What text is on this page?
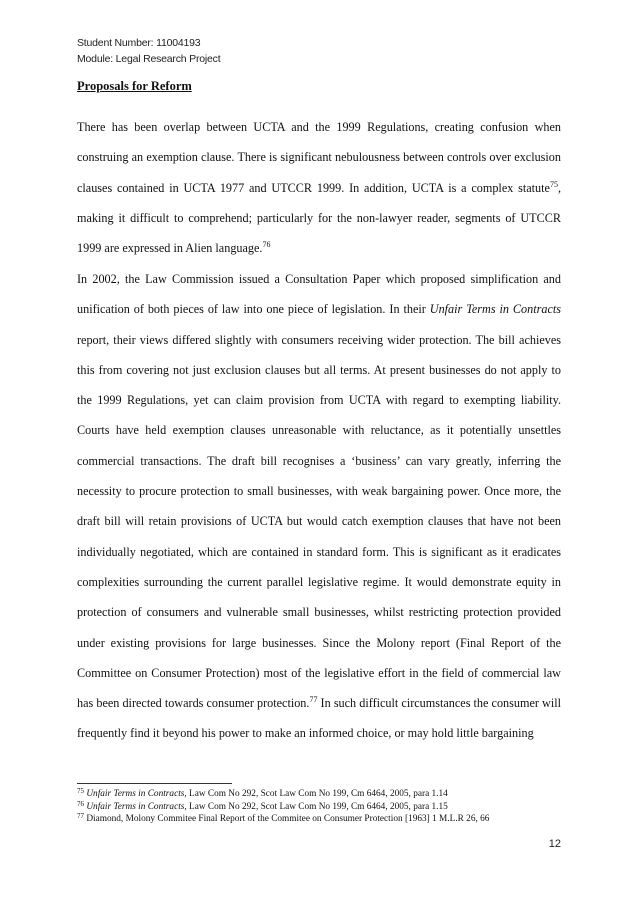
Student Number: 11004193
Module: Legal Research Project
Proposals for Reform

There has been overlap between UCTA and the 1999 Regulations, creating confusion when construing an exemption clause. There is significant nebulousness between controls over exclusion clauses contained in UCTA 1977 and UTCCR 1999. In addition, UCTA is a complex statute$^{75}$, making it difficult to comprehend; particularly for the non-lawyer reader, segments of UTCCR 1999 are expressed in Alien language.$^{76}$

In 2002, the Law Commission issued a Consultation Paper which proposed simplification and unification of both pieces of law into one piece of legislation. In their Unfair Terms in Contracts report, their views differed slightly with consumers receiving wider protection. The bill achieves this from covering not just exclusion clauses but all terms. At present businesses do not apply to the 1999 Regulations, yet can claim provision from UCTA with regard to exempting liability. Courts have held exemption clauses unreasonable with reluctance, as it potentially unsettles commercial transactions. The draft bill recognises a ‘business’ can vary greatly, inferring the necessity to procure protection to small businesses, with weak bargaining power. Once more, the draft bill will retain provisions of UCTA but would catch exemption clauses that have not been individually negotiated, which are contained in standard form. This is significant as it eradicates complexities surrounding the current parallel legislative regime. It would demonstrate equity in protection of consumers and vulnerable small businesses, whilst restricting protection provided under existing provisions for large businesses. Since the Molony report (Final Report of the Committee on Consumer Protection) most of the legislative effort in the field of commercial law has been directed towards consumer protection.$^{77}$ In such difficult circumstances the consumer will frequently find it beyond his power to make an informed choice, or may hold little bargaining

$^{75}$ Unfair Terms in Contracts, Law Com No 292, Scot Law Com No 199, Cm 6464, 2005, para 1.14
$^{76}$ Unfair Terms in Contracts, Law Com No 292, Scot Law Com No 199, Cm 6464, 2005, para 1.15
$^{77}$ Diamond, Molony Commitee Final Report of the Commitee on Consumer Protection [1963] 1 M.L.R 26, 66
12
